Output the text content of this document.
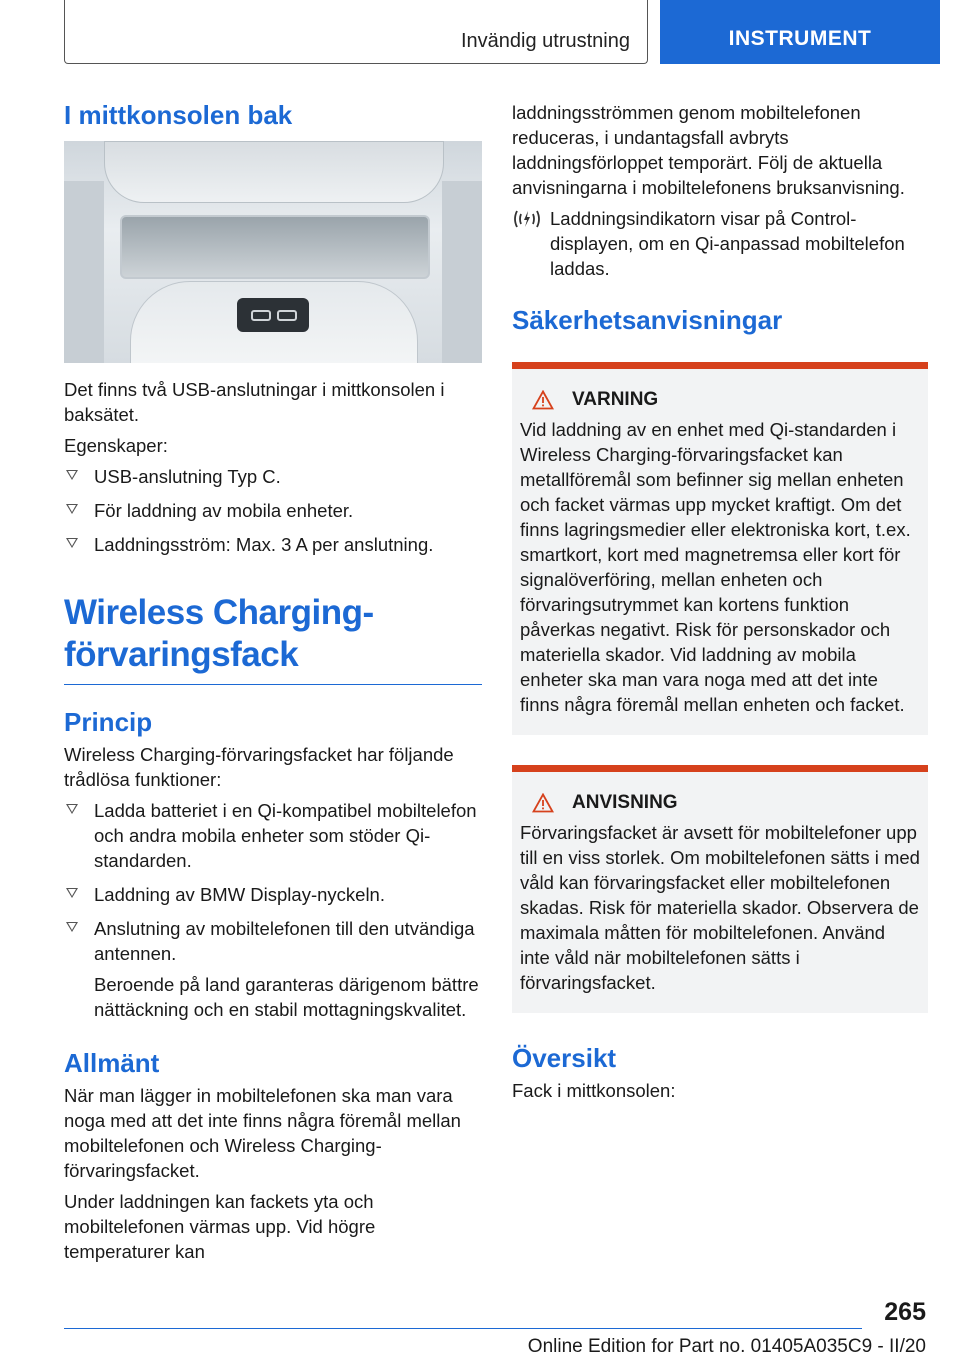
Invändig utrustning	INSTRUMENT
I mittkonsolen bak

Det finns två USB-anslutningar i mittkonsolen i baksätet.

Egenskaper:

USB-anslutning Typ C.
För laddning av mobila enheter.
Laddningsström: Max. 3 A per anslutning.
Wireless Charging-förvaringsfack
Princip

Wireless Charging-förvaringsfacket har följande trådlösa funktioner:

Ladda batteriet i en Qi-kompatibel mobiltelefon och andra mobila enheter som stöder Qi-standarden.
Laddning av BMW Display-nyckeln.
Anslutning av mobiltelefonen till den utvändiga antennen.

Beroende på land garanteras därigenom bättre nättäckning och en stabil mottagningskvalitet.

Allmänt

När man lägger in mobiltelefonen ska man vara noga med att det inte finns några föremål mellan mobiltelefonen och Wireless Charging-förvaringsfacket.

Under laddningen kan fackets yta och mobiltelefonen värmas upp. Vid högre temperaturer kan

laddningsströmmen genom mobiltelefonen reduceras, i undantagsfall avbryts laddningsförloppet temporärt. Följ de aktuella anvisningarna i mobiltelefonens bruksanvisning.

Laddningsindikatorn visar på Control-displayen, om en Qi-anpassad mobiltelefon laddas.

Säkerhetsanvisningar
VARNING

Vid laddning av en enhet med Qi-standarden i Wireless Charging-förvaringsfacket kan metallföremål som befinner sig mellan enheten och facket värmas upp mycket kraftigt. Om det finns lagringsmedier eller elektroniska kort, t.ex. smartkort, kort med magnetremsa eller kort för signalöverföring, mellan enheten och förvaringsutrymmet kan kortens funktion påverkas negativt. Risk för personskador och materiella skador. Vid laddning av mobila enheter ska man vara noga med att det inte finns några föremål mellan enheten och facket.

ANVISNING

Förvaringsfacket är avsett för mobiltelefoner upp till en viss storlek. Om mobiltelefonen sätts i med våld kan förvaringsfacket eller mobiltelefonen skadas. Risk för materiella skador. Observera de maximala måtten för mobiltelefonen. Använd inte våld när mobiltelefonen sätts i förvaringsfacket.

Översikt

Fack i mittkonsolen:

265
Online Edition for Part no. 01405A035C9 - II/20
